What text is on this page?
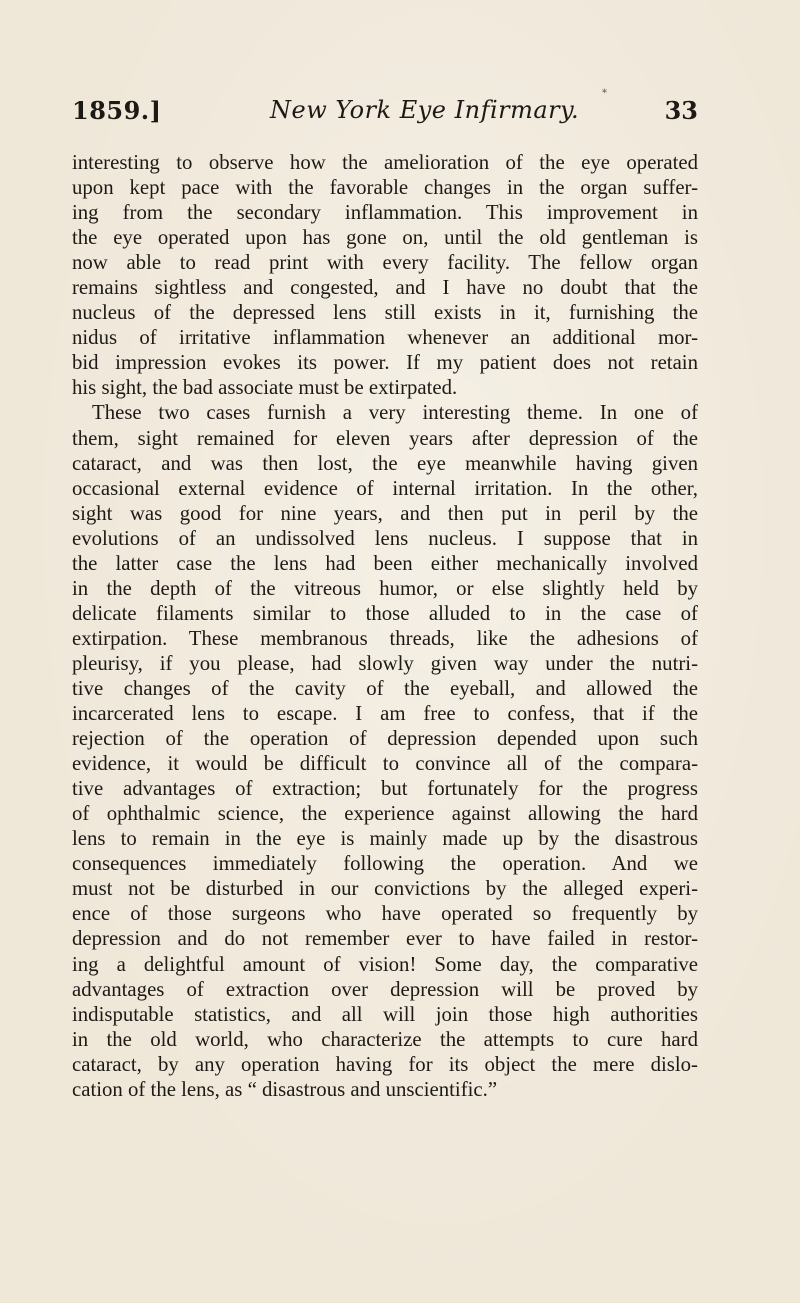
*
1859.]	New York Eye Infirmary.	33
interesting to observe how the amelioration of the eye operated
upon kept pace with the favorable changes in the organ suffer-
ing from the secondary inflammation. This improvement in
the eye operated upon has gone on, until the old gentleman is
now able to read print with every facility. The fellow organ
remains sightless and congested, and I have no doubt that the
nucleus of the depressed lens still exists in it, furnishing the
nidus of irritative inflammation whenever an additional mor-
bid impression evokes its power. If my patient does not retain
his sight, the bad associate must be extirpated.
These two cases furnish a very interesting theme. In one of
them, sight remained for eleven years after depression of the
cataract, and was then lost, the eye meanwhile having given
occasional external evidence of internal irritation. In the other,
sight was good for nine years, and then put in peril by the
evolutions of an undissolved lens nucleus. I suppose that in
the latter case the lens had been either mechanically involved
in the depth of the vitreous humor, or else slightly held by
delicate filaments similar to those alluded to in the case of
extirpation. These membranous threads, like the adhesions of
pleurisy, if you please, had slowly given way under the nutri-
tive changes of the cavity of the eyeball, and allowed the
incarcerated lens to escape. I am free to confess, that if the
rejection of the operation of depression depended upon such
evidence, it would be difficult to convince all of the compara-
tive advantages of extraction; but fortunately for the progress
of ophthalmic science, the experience against allowing the hard
lens to remain in the eye is mainly made up by the disastrous
consequences immediately following the operation. And we
must not be disturbed in our convictions by the alleged experi-
ence of those surgeons who have operated so frequently by
depression and do not remember ever to have failed in restor-
ing a delightful amount of vision! Some day, the comparative
advantages of extraction over depression will be proved by
indisputable statistics, and all will join those high authorities
in the old world, who characterize the attempts to cure hard
cataract, by any operation having for its object the mere dislo-
cation of the lens, as “ disastrous and unscientific.”
